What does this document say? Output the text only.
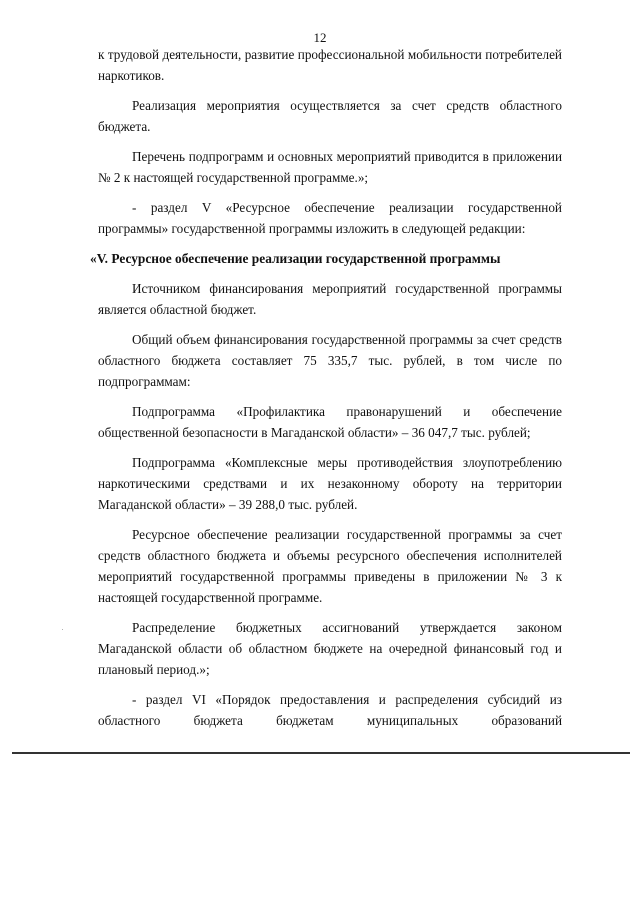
12

к трудовой деятельности, развитие профессиональной мобильности потребителей наркотиков.

Реализация мероприятия осуществляется за счет средств областного бюджета.

Перечень подпрограмм и основных мероприятий приводится в приложении № 2 к настоящей государственной программе.»;

- раздел V «Ресурсное обеспечение реализации государственной программы» государственной программы изложить в следующей редакции:

«V. Ресурсное обеспечение реализации государственной программы

Источником финансирования мероприятий государственной программы является областной бюджет.

Общий объем финансирования государственной программы за счет средств областного бюджета составляет 75 335,7 тыс. рублей, в том числе по подпрограммам:

Подпрограмма «Профилактика правонарушений и обеспечение общественной безопасности в Магаданской области» – 36 047,7 тыс. рублей;

Подпрограмма «Комплексные меры противодействия злоупотреблению наркотическими средствами и их незаконному обороту на территории Магаданской области» – 39 288,0 тыс. рублей.

Ресурсное обеспечение реализации государственной программы за счет средств областного бюджета и объемы ресурсного обеспечения исполнителей мероприятий государственной программы приведены в приложении № 3 к настоящей государственной программе.

Распределение бюджетных ассигнований утверждается законом Магаданской области об областном бюджете на очередной финансовый год и плановый период.»;

- раздел VI «Порядок предоставления и распределения субсидий из областного бюджета бюджетам муниципальных образований
